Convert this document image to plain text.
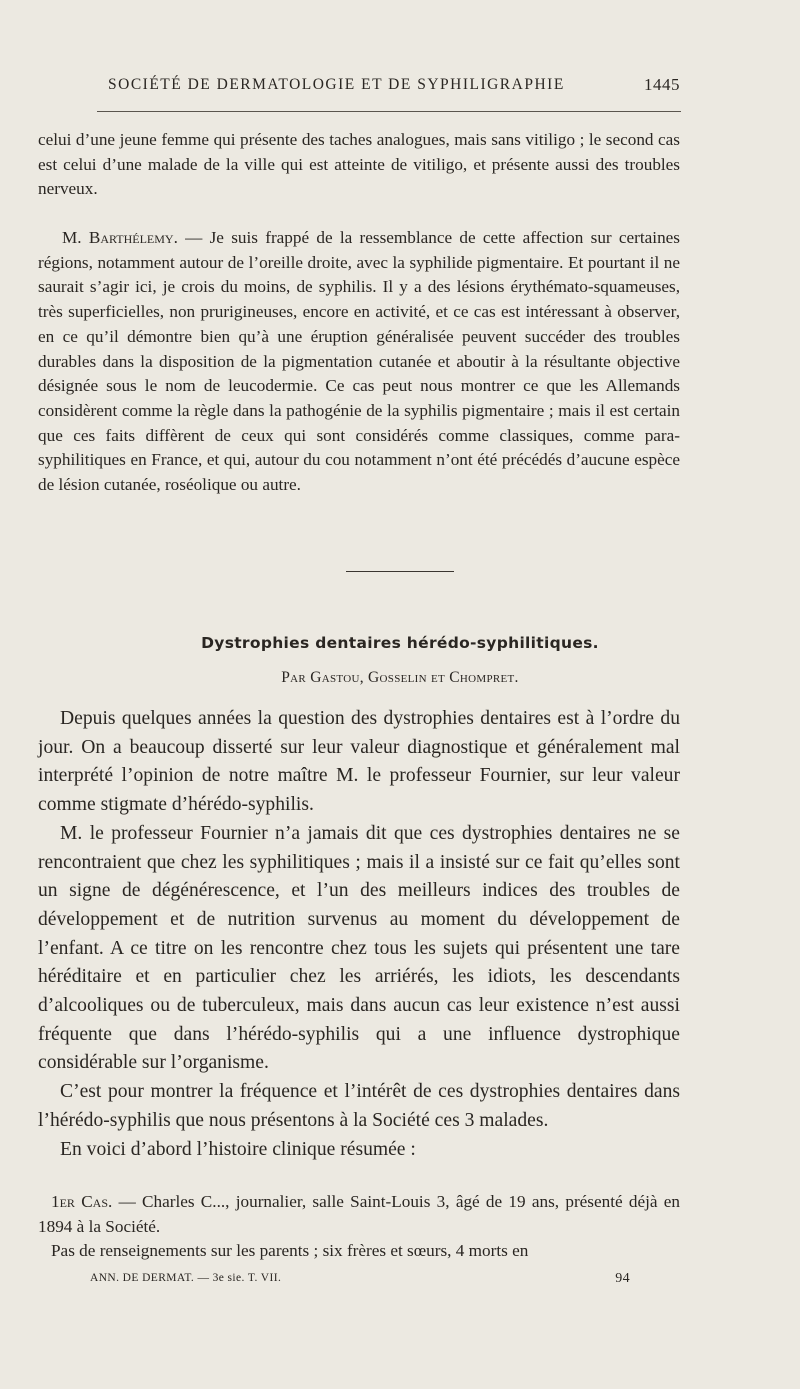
SOCIÉTÉ DE DERMATOLOGIE ET DE SYPHILIGRAPHIE	1445

celui d’une jeune femme qui présente des taches analogues, mais sans vitiligo ; le second cas est celui d’une malade de la ville qui est atteinte de vitiligo, et présente aussi des troubles nerveux.

M. Barthélemy. — Je suis frappé de la ressemblance de cette affection sur certaines régions, notamment autour de l’oreille droite, avec la syphilide pigmentaire. Et pourtant il ne saurait s’agir ici, je crois du moins, de syphilis. Il y a des lésions érythémato-squameuses, très superficielles, non prurigineuses, encore en activité, et ce cas est intéressant à observer, en ce qu’il démontre bien qu’à une éruption généralisée peuvent succéder des troubles durables dans la disposition de la pigmentation cutanée et aboutir à la résultante objective désignée sous le nom de leucodermie. Ce cas peut nous montrer ce que les Allemands considèrent comme la règle dans la pathogénie de la syphilis pigmentaire ; mais il est certain que ces faits diffèrent de ceux qui sont considérés comme classiques, comme para-syphilitiques en France, et qui, autour du cou notamment n’ont été précédés d’aucune espèce de lésion cutanée, roséolique ou autre.

Dystrophies dentaires hérédo-syphilitiques.
Par Gastou, Gosselin et Chompret.

Depuis quelques années la question des dystrophies dentaires est à l’ordre du jour. On a beaucoup disserté sur leur valeur diagnostique et généralement mal interprété l’opinion de notre maître M. le professeur Fournier, sur leur valeur comme stigmate d’hérédo-syphilis.

M. le professeur Fournier n’a jamais dit que ces dystrophies dentaires ne se rencontraient que chez les syphilitiques ; mais il a insisté sur ce fait qu’elles sont un signe de dégénérescence, et l’un des meilleurs indices des troubles de développement et de nutrition survenus au moment du développement de l’enfant. A ce titre on les rencontre chez tous les sujets qui présentent une tare héréditaire et en particulier chez les arriérés, les idiots, les descendants d’alcooliques ou de tuberculeux, mais dans aucun cas leur existence n’est aussi fréquente que dans l’hérédo-syphilis qui a une influence dystrophique considérable sur l’organisme.

C’est pour montrer la fréquence et l’intérêt de ces dystrophies dentaires dans l’hérédo-syphilis que nous présentons à la Société ces 3 malades.

En voici d’abord l’histoire clinique résumée :

1er Cas. — Charles C..., journalier, salle Saint-Louis 3, âgé de 19 ans, présenté déjà en 1894 à la Société.

Pas de renseignements sur les parents ; six frères et sœurs, 4 morts en

ANN. DE DERMAT. — 3e sie. T. VII.	94
